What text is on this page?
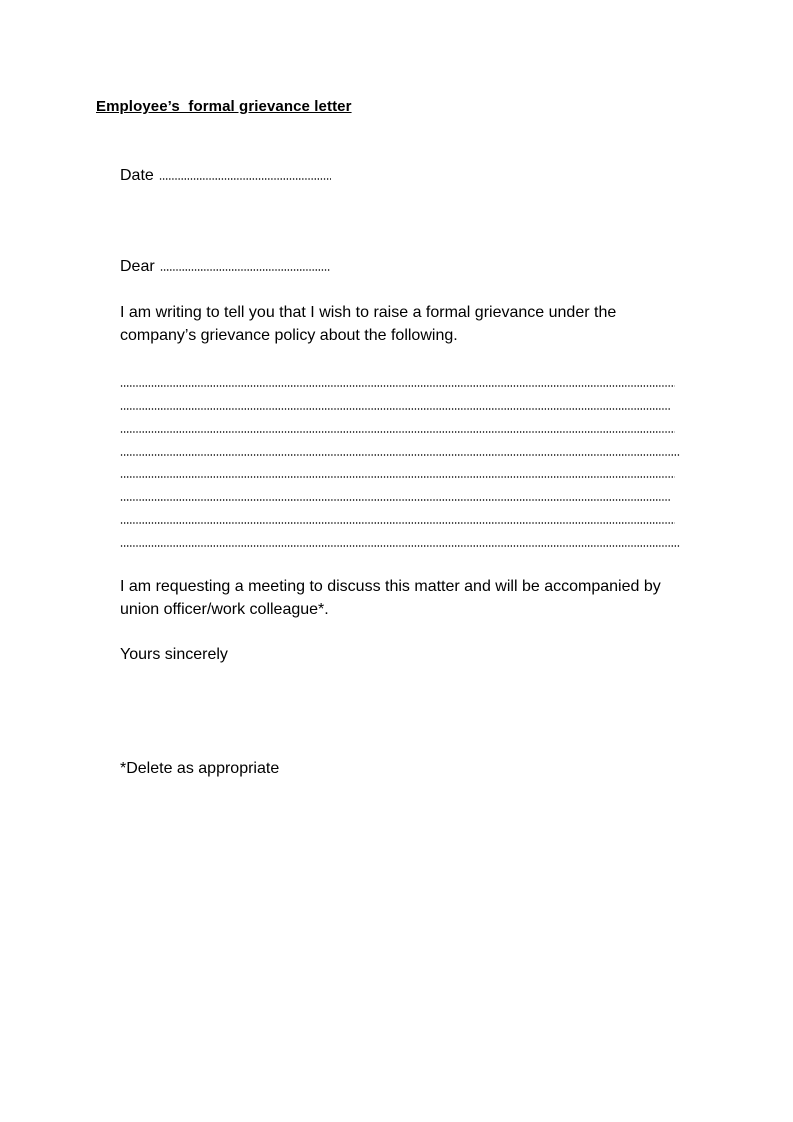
Employee’s  formal grievance letter
Date
Dear
I am writing to tell you that I wish to raise a formal grievance under the
company’s grievance policy about the following.
I am requesting a meeting to discuss this matter and will be accompanied by
union officer/work colleague*.
Yours sincerely
*Delete as appropriate
